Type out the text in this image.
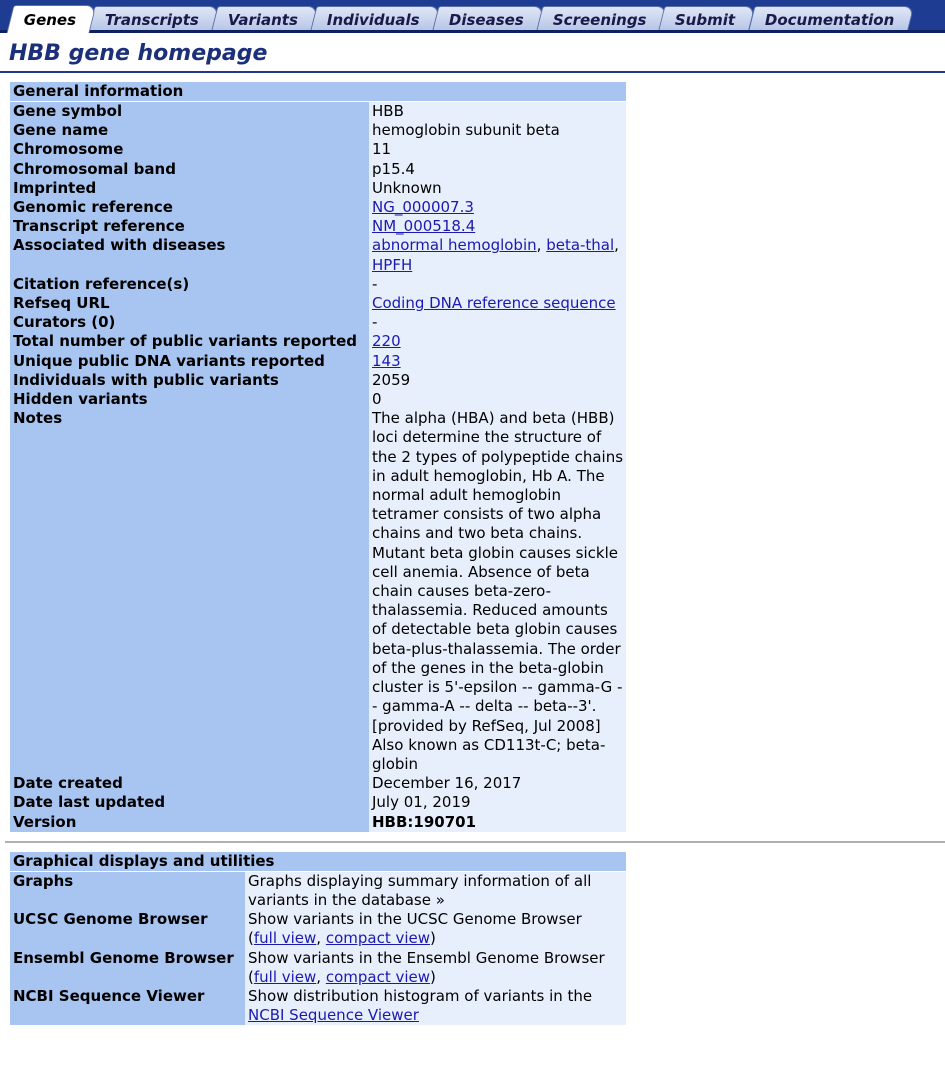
Genes Transcripts Variants Individuals Diseases Screenings Submit Documentation
HBB gene homepage
General information	
Gene symbol	HBB
Gene name	hemoglobin subunit beta
Chromosome	11
Chromosomal band	p15.4
Imprinted	Unknown
Genomic reference	NG_000007.3
Transcript reference	NM_000518.4
Associated with diseases	abnormal hemoglobin, beta-thal, HPFH
Citation reference(s)	-
Refseq URL	Coding DNA reference sequence
Curators (0)	-
Total number of public variants reported	220
Unique public DNA variants reported	143
Individuals with public variants	2059
Hidden variants	0
Notes	The alpha (HBA) and beta (HBB) loci determine the structure of the 2 types of polypeptide chains in adult hemoglobin, Hb A. The normal adult hemoglobin tetramer consists of two alpha chains and two beta chains. Mutant beta globin causes sickle cell anemia. Absence of beta chain causes beta-zero-thalassemia. Reduced amounts of detectable beta globin causes beta-plus-thalassemia. The order of the genes in the beta-globin cluster is 5'-epsilon -- gamma-G -- gamma-A -- delta -- beta--3'. [provided by RefSeq, Jul 2008] Also known as CD113t-C; beta-globin
Date created	December 16, 2017
Date last updated	July 01, 2019
Version	HBB:190701
Graphical displays and utilities	
Graphs	Graphs displaying summary information of all variants in the database »
UCSC Genome Browser	Show variants in the UCSC Genome Browser
(full view, compact view)
Ensembl Genome Browser	Show variants in the Ensembl Genome Browser
(full view, compact view)
NCBI Sequence Viewer	Show distribution histogram of variants in the
NCBI Sequence Viewer
